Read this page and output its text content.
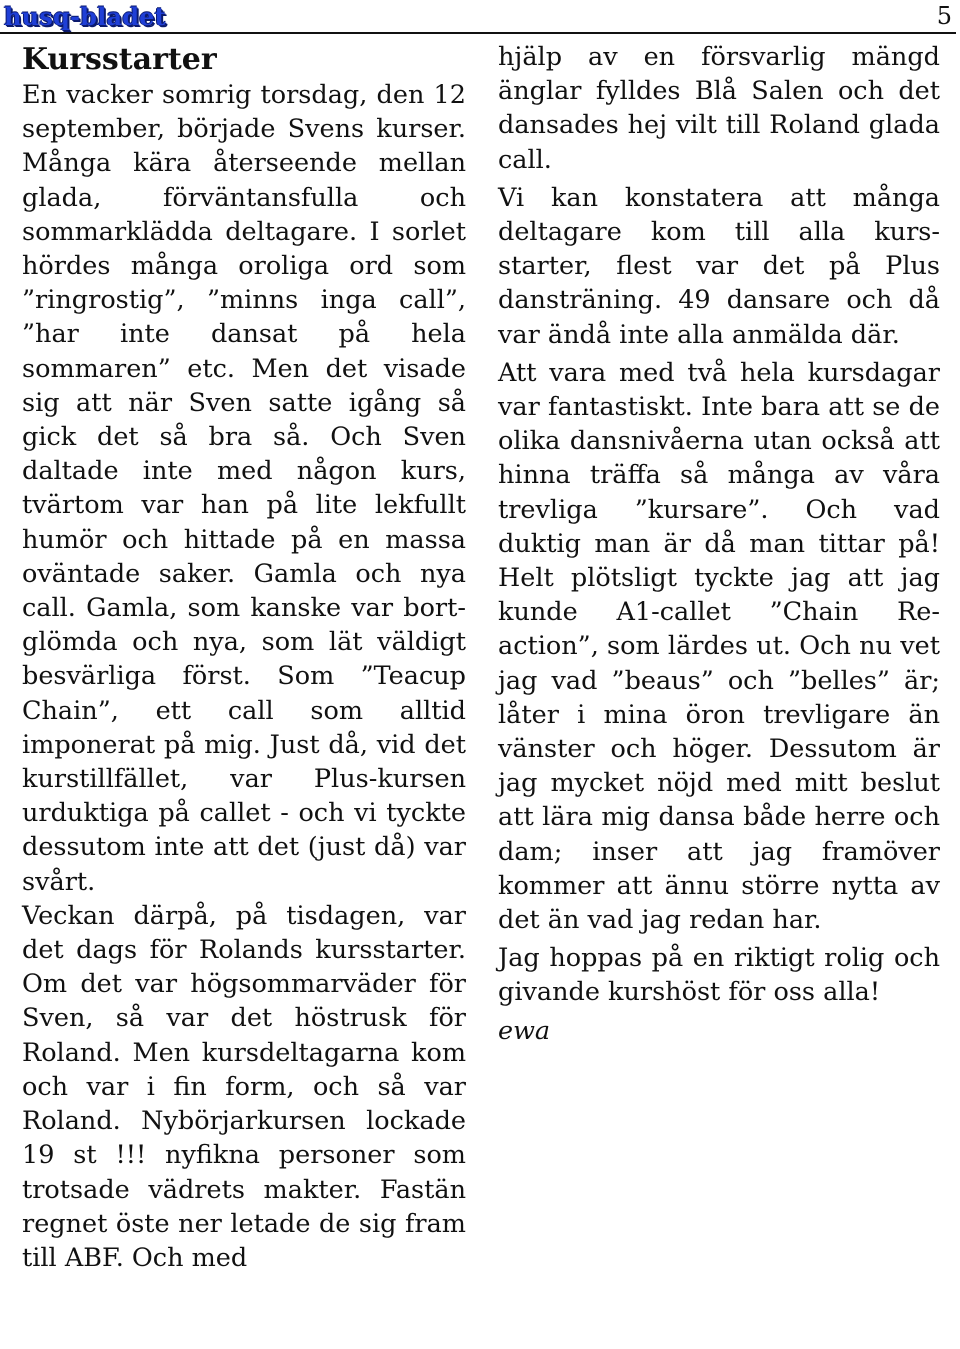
husq-bladet	5
Kursstarter

En vacker somrig torsdag, den 12 september, började Svens kurser. Många kära återseende mellan glada, förväntansfulla och sommarklädda deltagare. I sorlet hördes många oroliga ord som ”ringrostig”, ”minns inga call”, ”har inte dansat på hela sommaren” etc. Men det visade sig att när Sven satte igång så gick det så bra så. Och Sven daltade inte med någon kurs, tvärtom var han på lite lekfullt humör och hittade på en massa oväntade saker. Gamla och nya call. Gamla, som kanske var bortglömda och nya, som lät väldigt besvärliga först. Som ”Teacup Chain”, ett call som alltid imponerat på mig. Just då, vid det kurstillfället, var Plus-kursen urduktiga på callet - och vi tyckte dessutom inte att det (just då) var svårt.

Veckan därpå, på tisdagen, var det dags för Rolands kursstarter. Om det var högsommarväder för Sven, så var det höstrusk för Roland. Men kursdeltagarna kom och var i fin form, och så var Roland. Nybörjarkursen lockade 19 st !!! nyfikna personer som trotsade vädrets makter. Fastän regnet öste ner letade de sig fram till ABF. Och med

hjälp av en försvarlig mängd änglar fylldes Blå Salen och det dansades hej vilt till Roland glada call.

Vi kan konstatera att många deltagare kom till alla kursstarter, flest var det på Plus dansträning. 49 dansare och då var ändå inte alla anmälda där.

Att vara med två hela kursdagar var fantastiskt. Inte bara att se de olika dansnivåerna utan också att hinna träffa så många av våra trevliga ”kursare”. Och vad duktig man är då man tittar på! Helt plötsligt tyckte jag att jag kunde A1-callet ”Chain Reaction”, som lärdes ut. Och nu vet jag vad ”beaus” och ”belles” är; låter i mina öron trevligare än vänster och höger. Dessutom är jag mycket nöjd med mitt beslut att lära mig dansa både herre och dam; inser att jag framöver kommer att ännu större nytta av det än vad jag redan har.

Jag hoppas på en riktigt rolig och givande kurshöst för oss alla!

ewa
